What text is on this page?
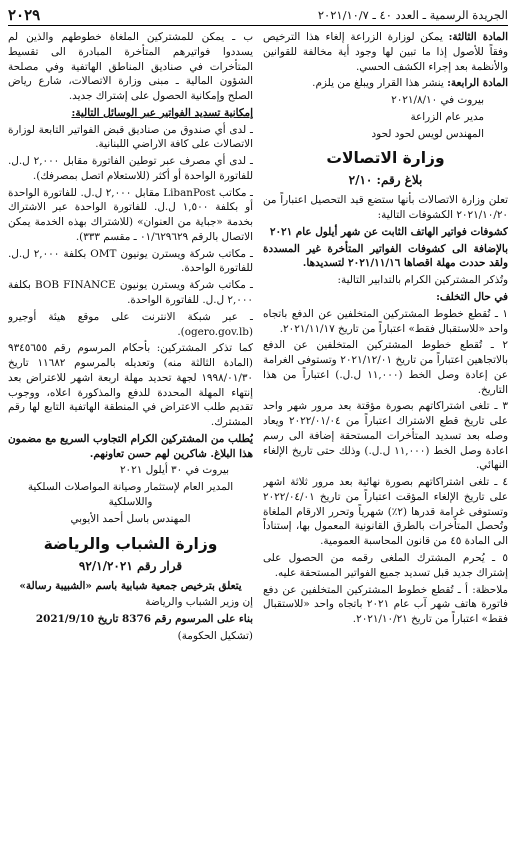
الجريدة الرسمية ـ العدد ٤٠ ـ ٢٠٢١/١٠/٧
٢٠٢٩

المادة الثالثة: يمكن لوزارة الزراعة إلغاء هذا الترخيص وفقاً للأصول إذا ما تبين لها وجود أية مخالفة للقوانين والأنظمة بعد إجراء الكشف الحسي.

المادة الرابعة: ينشر هذا القرار ويبلغ من يلزم.

بيروت في ٢٠٢١/٨/١٠

مدير عام الزراعة

المهندس لويس لحود لحود

وزارة الاتصالات
بلاغ رقم: ٢/١٠

تعلن وزارة الاتصالات بأنها ستضع قيد التحصيل اعتباراً من ٢٠٢١/١٠/٢٠ الكشوفات التالية:

كشوفات فواتير الهاتف الثابت عن شهر أيلول عام ٢٠٢١

بالإضافة الى كشوفات الفواتير المتأخرة غير المسددة ولقد حددت مهلة اقصاها ٢٠٢١/١١/١٦ لتسديدها.

وتُذكر المشتركين الكرام بالتدابير التالية:

في حال التخلف:

١ ـ تُقطع خطوط المشتركين المتخلفين عن الدفع باتجاه واحد «للاستقبال فقط» اعتباراً من تاريخ ٢٠٢١/١١/١٧.

٢ ـ تُقطع خطوط المشتركين المتخلفين عن الدفع بالاتجاهين اعتباراً من تاريخ ٢٠٢١/١٢/٠١ وتستوفى الغرامة عن إعادة وصل الخط (١١,٠٠٠ ل.ل.) اعتباراً من هذا التاريخ.

٣ ـ تلغى اشتراكاتهم بصورة مؤقتة بعد مرور شهر واحد على تاريخ قطع الاشتراك اعتباراً من ٢٠٢٢/٠١/٠٤ ويعاد وصله بعد تسديد المتأخرات المستحقة إضافة الى رسم اعادة وصل الخط (١١,٠٠٠ ل.ل.) وذلك حتى تاريخ الإلغاء النهائي.

٤ ـ تلغى اشتراكاتهم بصورة نهائية بعد مرور ثلاثة اشهر على تاريخ الإلغاء المؤقت اعتباراً من تاريخ ٢٠٢٢/٠٤/٠١ وتستوفى غرامة قدرها (٢٪) شهرياً وتحرر الارقام الملغاة وتُحصل المتأخرات بالطرق القانونية المعمول بها، إستناداً الى المادة ٤٥ من قانون المحاسبة العمومية.

٥ ـ يُحرم المشترك الملغى رقمه من الحصول على إشتراك جديد قبل تسديد جميع الفواتير المستحقة عليه.

ملاحظة: أ ـ تُقطع خطوط المشتركين المتخلفين عن دفع فاتورة هاتف شهر آب عام ٢٠٢١ باتجاه واحد «للاستقبال فقط» اعتباراً من تاريخ ٢٠٢١/١٠/٢١.

ب ـ يمكن للمشتركين الملغاة خطوطهم والذين لم يسددوا فواتيرهم المتأخرة المبادرة الى تقسيط المتأخرات في صناديق المناطق الهاتفية وفي مصلحة الشؤون المالية ـ مبنى وزارة الاتصالات، شارع رياض الصلح وإمكانية الحصول على إشتراك جديد.

إمكانية تسديد الفواتير عبر الوسائل التالية:

ـ لدى أي صندوق من صناديق قبض الفواتير التابعة لوزارة الاتصالات على كافة الاراضي اللبنانية.

ـ لدى أي مصرف عبر توطين الفاتورة مقابل ٢,٠٠٠ ل.ل. للفاتورة الواحدة أو أكثر (للاستعلام اتصل بمصرفك).

ـ مكاتب LibanPost مقابل ٢,٠٠٠ ل.ل. للفاتورة الواحدة أو بكلفة ١,٥٠٠ ل.ل. للفاتورة الواحدة عبر الاشتراك بخدمة «جباية من العنوان» (للاشتراك بهذه الخدمة يمكن الاتصال بالرقم ٠١/٦٢٩٦٢٩ ـ مقسم ٣٣٣).

ـ مكاتب شركة ويسترن يونيون OMT بكلفة ٢,٠٠٠ ل.ل. للفاتورة الواحدة.

ـ مكاتب شركة ويسترن يونيون BOB FINANCE بكلفة ٢,٠٠٠ ل.ل. للفاتورة الواحدة.

ـ عبر شبكة الانترنت على موقع هيئة أوجيرو (ogero.gov.lb).

كما تذكر المشتركين: بأحكام المرسوم رقم ٩٣٤٥٦٥٥ (المادة الثالثة منه) وتعديله بالمرسوم ١١٦٨٢ تاريخ ١٩٩٨/٠١/٣٠ لجهة تحديد مهلة اربعة اشهر للاعتراض بعد إنتهاء المهلة المحددة للدفع والمذكورة اعلاه، ووجوب تقديم طلب الاعتراض في المنطقة الهاتفية التابع لها رقم المشترك.

يُطلب من المشتركين الكرام التجاوب السريع مع مضمون هذا البلاغ. شاكرين لهم حسن تعاونهم.

بيروت في ٣٠ أيلول ٢٠٢١

المدير العام لإستثمار وصيانة المواصلات السلكية واللاسلكية

المهندس باسل أحمد الأيوبي

وزارة الشباب والرياضة
قرار رقم ٩٢/١/٢٠٢١

يتعلق بترخيص جمعية شبابية باسم «الشبيبة رسالة»

إن وزير الشباب والرياضة

بناء على المرسوم رقم 8376 تاريخ 2021/9/10

(تشكيل الحكومة)
